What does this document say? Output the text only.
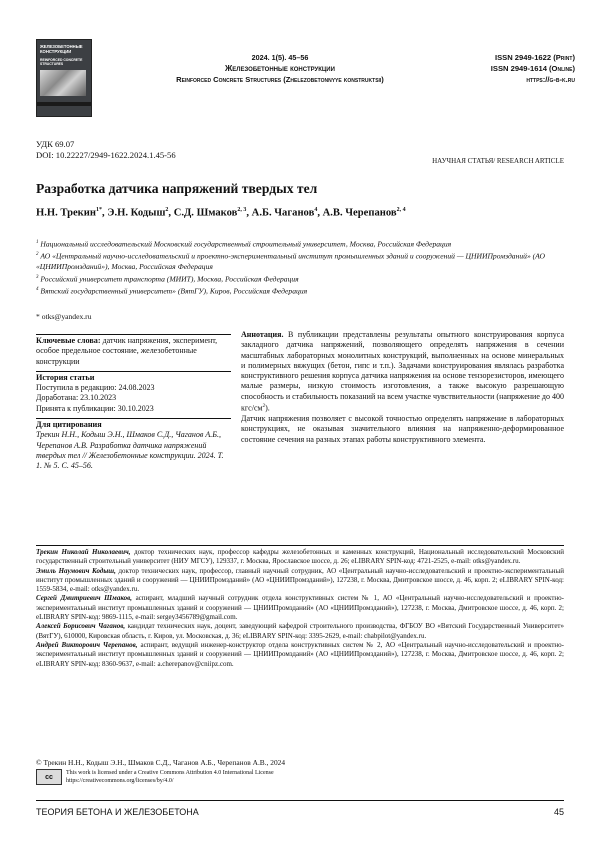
ЖЕЛЕЗОБЕТОННЫЕ КОНСТРУКЦИИ
REINFORCED CONCRETE STRUCTURES
2024. 1(5). 45–56
Железобетонные конструкции
Reinforced Concrete Structures (Zhelezobetonnyye konstruktsii)
ISSN 2949-1622 (Print)
ISSN 2949-1614 (Online)
https://g-b-k.ru
УДК 69.07
DOI: 10.22227/2949-1622.2024.1.45-56
НАУЧНАЯ СТАТЬЯ/ RESEARCH ARTICLE
Разработка датчика напряжений твердых тел
Н.Н. Трекин$^{1*}$, Э.Н. Кодыш$^2$, С.Д. Шмаков$^{2, 3}$, А.Б. Чаганов$^4$, А.В. Черепанов$^{2, 4}$

$^1$ Национальный исследовательский Московский государственный строительный университет, Москва, Российская Федерация

$^2$ АО «Центральный научно-исследовательский и проектно-экспериментальный институт промышленных зданий и сооружений — ЦНИИПромзданий» (АО «ЦНИИПромзданий»), Москва, Российская Федерация

$^3$ Российский университет транспорта (МИИТ), Москва, Российская Федерация

$^4$ Вятский государственный университет» (ВятГУ), Киров, Российская Федерация

* otks@yandex.ru

Ключевые слова: датчик напряжения, эксперимент, особое предельное состояние, железобетонные конструкции

История статьи

Поступила в редакцию: 24.08.2023

Доработана: 23.10.2023

Принята к публикации: 30.10.2023

Для цитирования

Трекин Н.Н., Кодыш Э.Н., Шмаков С.Д., Чаганов А.Б., Черепанов А.В. Разработка датчика напряжений твердых тел // Железобетонные конструкции. 2024. Т. 1. № 5. С. 45–56.

Аннотация. В публикации представлены результаты опытного конструирования корпуса закладного датчика напряжений, позволяющего определять напряжения в сечении масштабных лабораторных монолитных конструкций, выполненных на основе минеральных и полимерных вяжущих (бетон, гипс и т.п.). Задачами конструирования являлась разработка конструктивного решения корпуса датчика напряжения на основе тензорезисторов, имеющего малые размеры, низкую стоимость изготовления, а также высокую разрешающую способность и стабильность показаний на всем участке чувствительности (напряжение до 400 кгс/$см^2$).

Датчик напряжения позволяет с высокой точностью определять напряжение в лабораторных конструкциях, не оказывая значительного влияния на напряженно-деформированное состояние сечения на разных этапах работы конструктивного элемента.

Трекин Николай Николаевич, доктор технических наук, профессор кафедры железобетонных и каменных конструкций, Национальный исследовательский Московский государственный строительный университет (НИУ МГСУ), 129337, г. Москва, Ярославское шоссе, д. 26; eLIBRARY SPIN-код: 4721-2525, e-mail: otks@yandex.ru.

Эмиль Наумович Кодыш, доктор технических наук, профессор, главный научный сотрудник, АО «Центральный научно-исследовательский и проектно-экспериментальный институт промышленных зданий и сооружений — ЦНИИПромзданий» (АО «ЦНИИПромзданий»), 127238, г. Москва, Дмитровское шоссе, д. 46, корп. 2; eLIBRARY SPIN-код: 1559-5834, e-mail: otks@yandex.ru.

Сергей Дмитриевич Шмаков, аспирант, младший научный сотрудник отдела конструктивных систем № 1, АО «Центральный научно-исследовательский и проектно-экспериментальный институт промышленных зданий и сооружений — ЦНИИПромзданий» (АО «ЦНИИПромзданий»), 127238, г. Москва, Дмитровское шоссе, д. 46, корп. 2; eLIBRARY SPIN-код: 9869-1115, e-mail: sergey3456789@gmail.com.

Алексей Борисович Чаганов, кандидат технических наук, доцент, заведующий кафедрой строительного производства, ФГБОУ ВО «Вятский Государственный Университет» (ВятГУ), 610000, Кировская область, г. Киров, ул. Московская, д. 36; eLIBRARY SPIN-код: 3395-2629, e-mail: chabpilot@yandex.ru.

Андрей Викторович Черепанов, аспирант, ведущий инженер-конструктор отдела конструктивных систем № 2, АО «Центральный научно-исследовательский и проектно-экспериментальный институт промышленных зданий и сооружений — ЦНИИПромзданий» (АО «ЦНИИПромзданий»), 127238, г. Москва, Дмитровское шоссе, д. 46, корп. 2; eLIBRARY SPIN-код: 8360-9637, e-mail: a.cherepanov@cniipz.com.

© Трекин Н.Н., Кодыш Э.Н., Шмаков С.Д., Чаганов А.Б., Черепанов А.В., 2024
cc
This work is licensed under a Creative Commons Attribution 4.0 International License
https://creativecommons.org/licenses/by/4.0/
ТЕОРИЯ БЕТОНА И ЖЕЛЕЗОБЕТОНА	45
